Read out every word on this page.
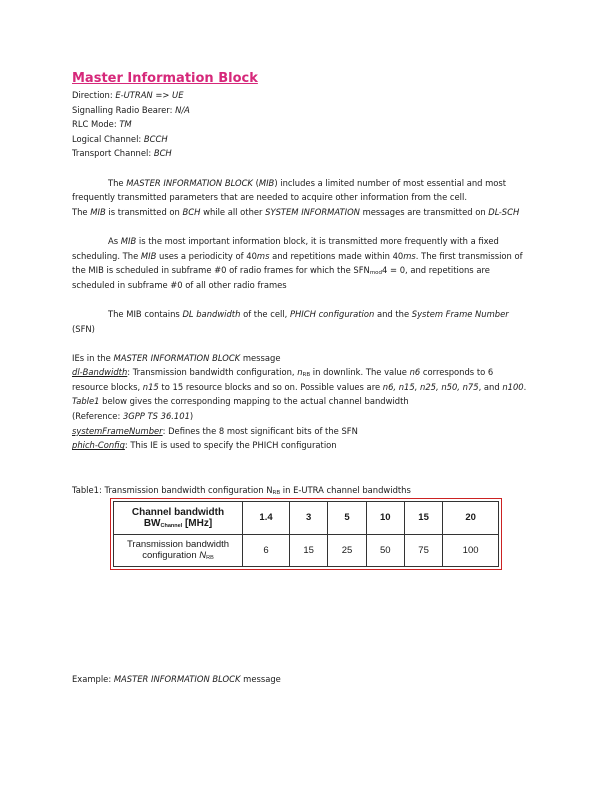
Master Information Block
Direction: E-UTRAN => UE
Signalling Radio Bearer: N/A
RLC Mode: TM
Logical Channel: BCCH
Transport Channel: BCH

The MASTER INFORMATION BLOCK (MIB) includes a limited number of most essential and most frequently transmitted parameters that are needed to acquire other information from the cell.

The MIB is transmitted on BCH while all other SYSTEM INFORMATION messages are transmitted on DL-SCH

As MIB is the most important information block, it is transmitted more frequently with a fixed scheduling. The MIB uses a periodicity of 40ms and repetitions made within 40ms. The first transmission of the MIB is scheduled in subframe #0 of radio frames for which the $SFN_{mod}4 = 0$, and repetitions are scheduled in subframe #0 of all other radio frames

The MIB contains DL bandwidth of the cell, PHICH configuration and the System Frame Number (SFN)

IEs in the MASTER INFORMATION BLOCK message

dl-Bandwidth: Transmission bandwidth configuration, $n_{RB}$ in downlink. The value n6 corresponds to 6 resource blocks, n15 to 15 resource blocks and so on. Possible values are n6, n15, n25, n50, n75, and n100. Table1 below gives the corresponding mapping to the actual channel bandwidth

(Reference: 3GPP TS 36.101)

systemFrameNumber: Defines the 8 most significant bits of the SFN

phich-Config: This IE is used to specify the PHICH configuration

Table1: Transmission bandwidth configuration $N_{RB}$ in E-UTRA channel bandwidths
Channel bandwidth
$BW_{Channel}$ [MHz]	1.4	3	5	10	15	20
Transmission bandwidth
configuration $N_{RB}$	6	15	25	50	75	100
Example: MASTER INFORMATION BLOCK message
